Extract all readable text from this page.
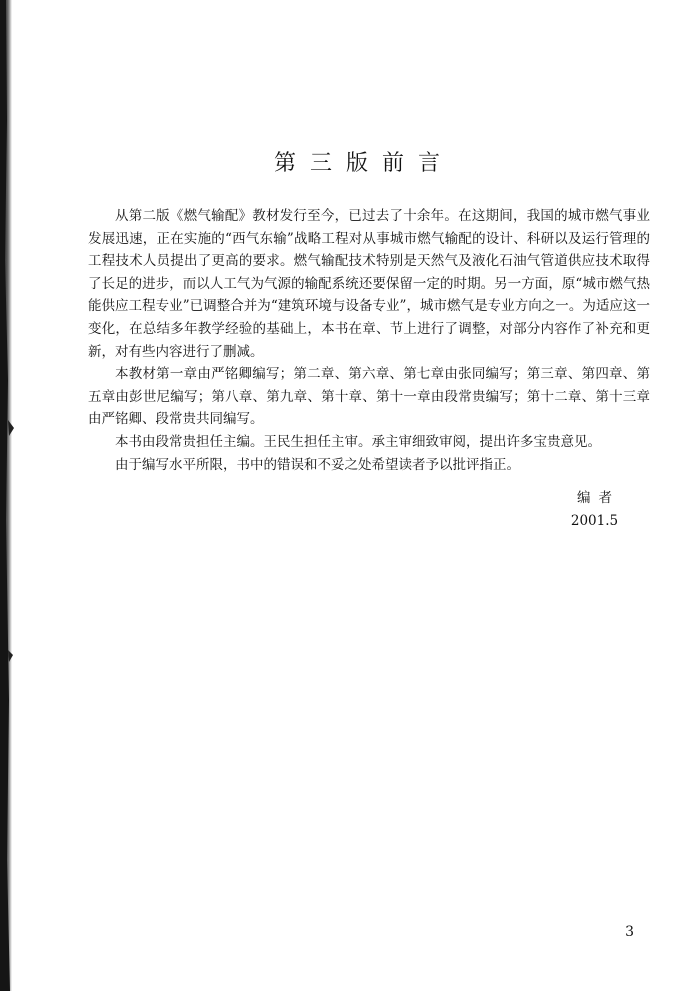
第三版前言

从第二版《燃气输配》教材发行至今，已过去了十余年。在这期间，我国的城市燃气事业发展迅速，正在实施的“西气东输”战略工程对从事城市燃气输配的设计、科研以及运行管理的工程技术人员提出了更高的要求。燃气输配技术特别是天然气及液化石油气管道供应技术取得了长足的进步，而以人工气为气源的输配系统还要保留一定的时期。另一方面，原“城市燃气热能供应工程专业”已调整合并为“建筑环境与设备专业”，城市燃气是专业方向之一。为适应这一变化，在总结多年教学经验的基础上，本书在章、节上进行了调整，对部分内容作了补充和更新，对有些内容进行了删减。

本教材第一章由严铭卿编写；第二章、第六章、第七章由张同编写；第三章、第四章、第五章由彭世尼编写；第八章、第九章、第十章、第十一章由段常贵编写；第十二章、第十三章由严铭卿、段常贵共同编写。

本书由段常贵担任主编。王民生担任主审。承主审细致审阅，提出许多宝贵意见。

由于编写水平所限，书中的错误和不妥之处希望读者予以批评指正。

编者
2001.5
3
